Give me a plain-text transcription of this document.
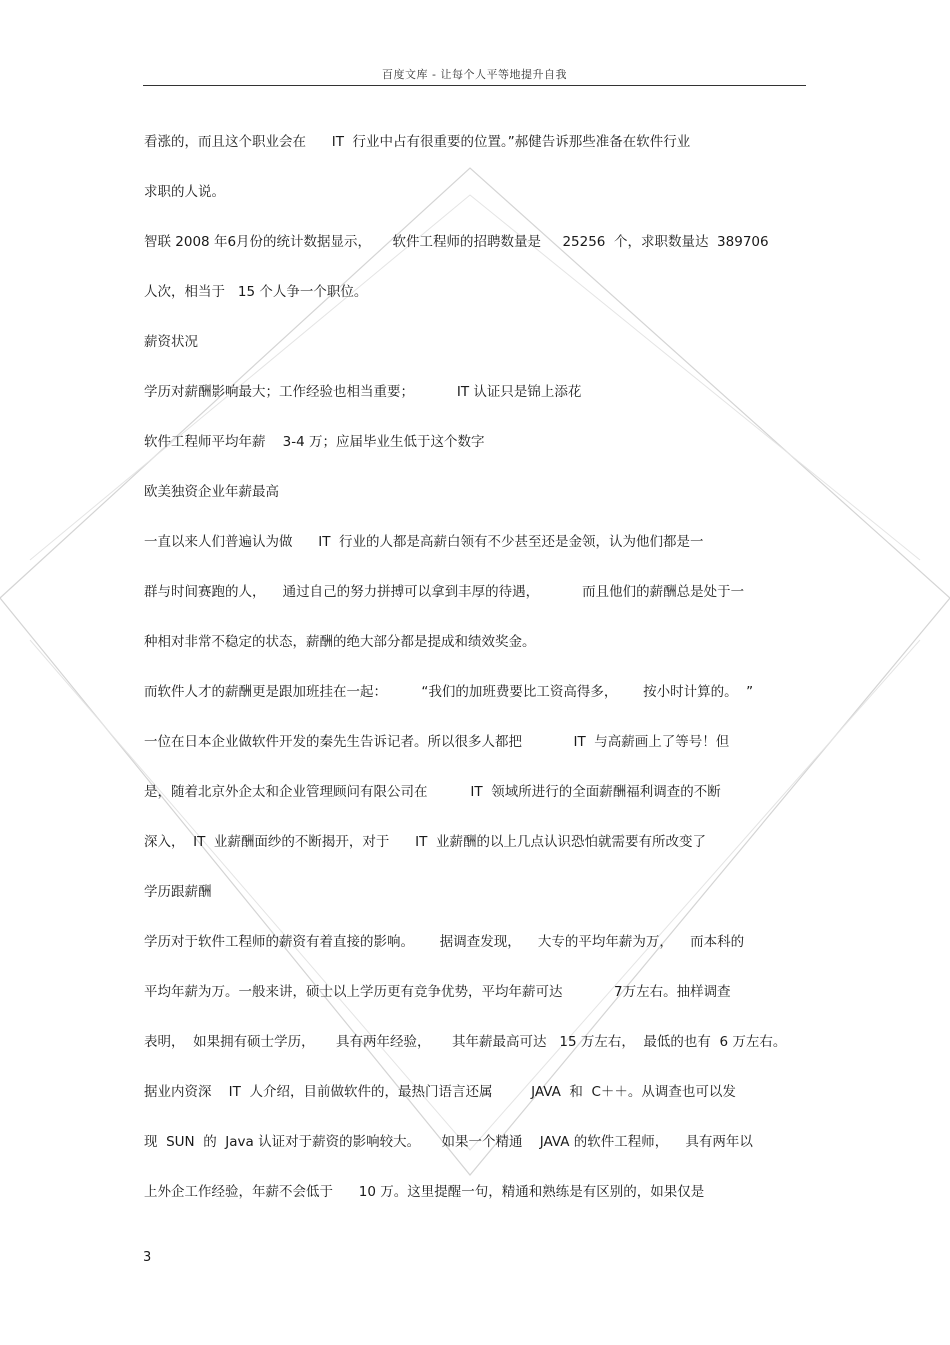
百度文库 - 让每个人平等地提升自我
看涨的，而且这个职业会在      IT  行业中占有很重要的位置。”郝健告诉那些准备在软件行业
求职的人说。
智联 2008 年6月份的统计数据显示，     软件工程师的招聘数量是     25256  个，求职数量达  389706
人次，相当于   15 个人争一个职位。
薪资状况
学历对薪酬影响最大；工作经验也相当重要；          IT 认证只是锦上添花
软件工程师平均年薪    3-4 万；应届毕业生低于这个数字
欧美独资企业年薪最高
一直以来人们普遍认为做      IT  行业的人都是高薪白领有不少甚至还是金领，认为他们都是一
群与时间赛跑的人，    通过自己的努力拼搏可以拿到丰厚的待遇，          而且他们的薪酬总是处于一
种相对非常不稳定的状态，薪酬的绝大部分都是提成和绩效奖金。
而软件人才的薪酬更是跟加班挂在一起：        “我们的加班费要比工资高得多，      按小时计算的。  ”
一位在日本企业做软件开发的秦先生告诉记者。所以很多人都把            IT  与高薪画上了等号！但
是，随着北京外企太和企业管理顾问有限公司在          IT  领域所进行的全面薪酬福利调查的不断
深入，  IT  业薪酬面纱的不断揭开，对于      IT  业薪酬的以上几点认识恐怕就需要有所改变了
学历跟薪酬
学历对于软件工程师的薪资有着直接的影响。      据调查发现，    大专的平均年薪为万，    而本科的
平均年薪为万。一般来讲，硕士以上学历更有竞争优势，平均年薪可达            7万左右。抽样调查
表明，  如果拥有硕士学历，     具有两年经验，     其年薪最高可达   15 万左右，  最低的也有  6 万左右。
据业内资深    IT  人介绍，目前做软件的，最热门语言还属         JAVA  和  C＋＋。从调查也可以发
现  SUN  的  Java 认证对于薪资的影响较大。     如果一个精通    JAVA 的软件工程师，    具有两年以
上外企工作经验，年薪不会低于      10 万。这里提醒一句，精通和熟练是有区别的，如果仅是
3
